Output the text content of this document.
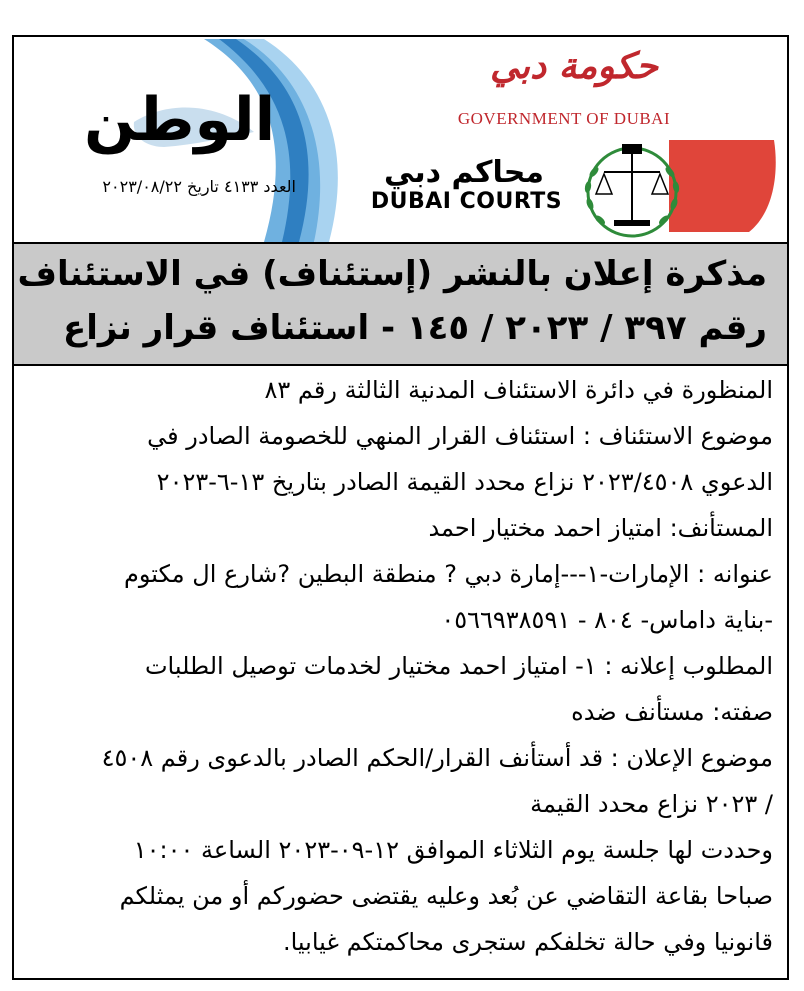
الوطن
العدد ٤١٣٣ تاريخ ٢٠٢٣/٠٨/٢٢
حكومة دبي
GOVERNMENT OF DUBAI
محاكم دبي
DUBAI COURTS
مذكرة إعلان بالنشر (إستئناف) في الاستئناف
رقم ٣٩٧ / ٢٠٢٣ / ١٤٥ - استئناف قرار نزاع
المنظورة في دائرة الاستئناف المدنية الثالثة رقم ٨٣
موضوع الاستئناف : استئناف القرار المنهي للخصومة الصادر في
الدعوي ٢٠٢٣/٤٥٠٨ نزاع محدد القيمة الصادر بتاريخ ١٣-٦-٢٠٢٣
المستأنف: امتياز احمد مختيار احمد
عنوانه : الإمارات-١---إمارة دبي ? منطقة البطين ?شارع ال مكتوم
-بناية داماس- ٨٠٤ - ٠٥٦٦٩٣٨٥٩١
المطلوب إعلانه : ١- امتياز احمد مختيار لخدمات توصيل الطلبات
صفته: مستأنف ضده
موضوع الإعلان : قد أستأنف القرار/الحكم الصادر بالدعوى رقم ٤٥٠٨
/ ٢٠٢٣ نزاع محدد القيمة
وحددت لها جلسة يوم الثلاثاء الموافق ١٢-٠٩-٢٠٢٣ الساعة ١٠:٠٠
صباحا بقاعة التقاضي عن بُعد وعليه يقتضى حضوركم أو من يمثلكم
قانونيا وفي حالة تخلفكم ستجرى محاكمتكم غيابيا.
